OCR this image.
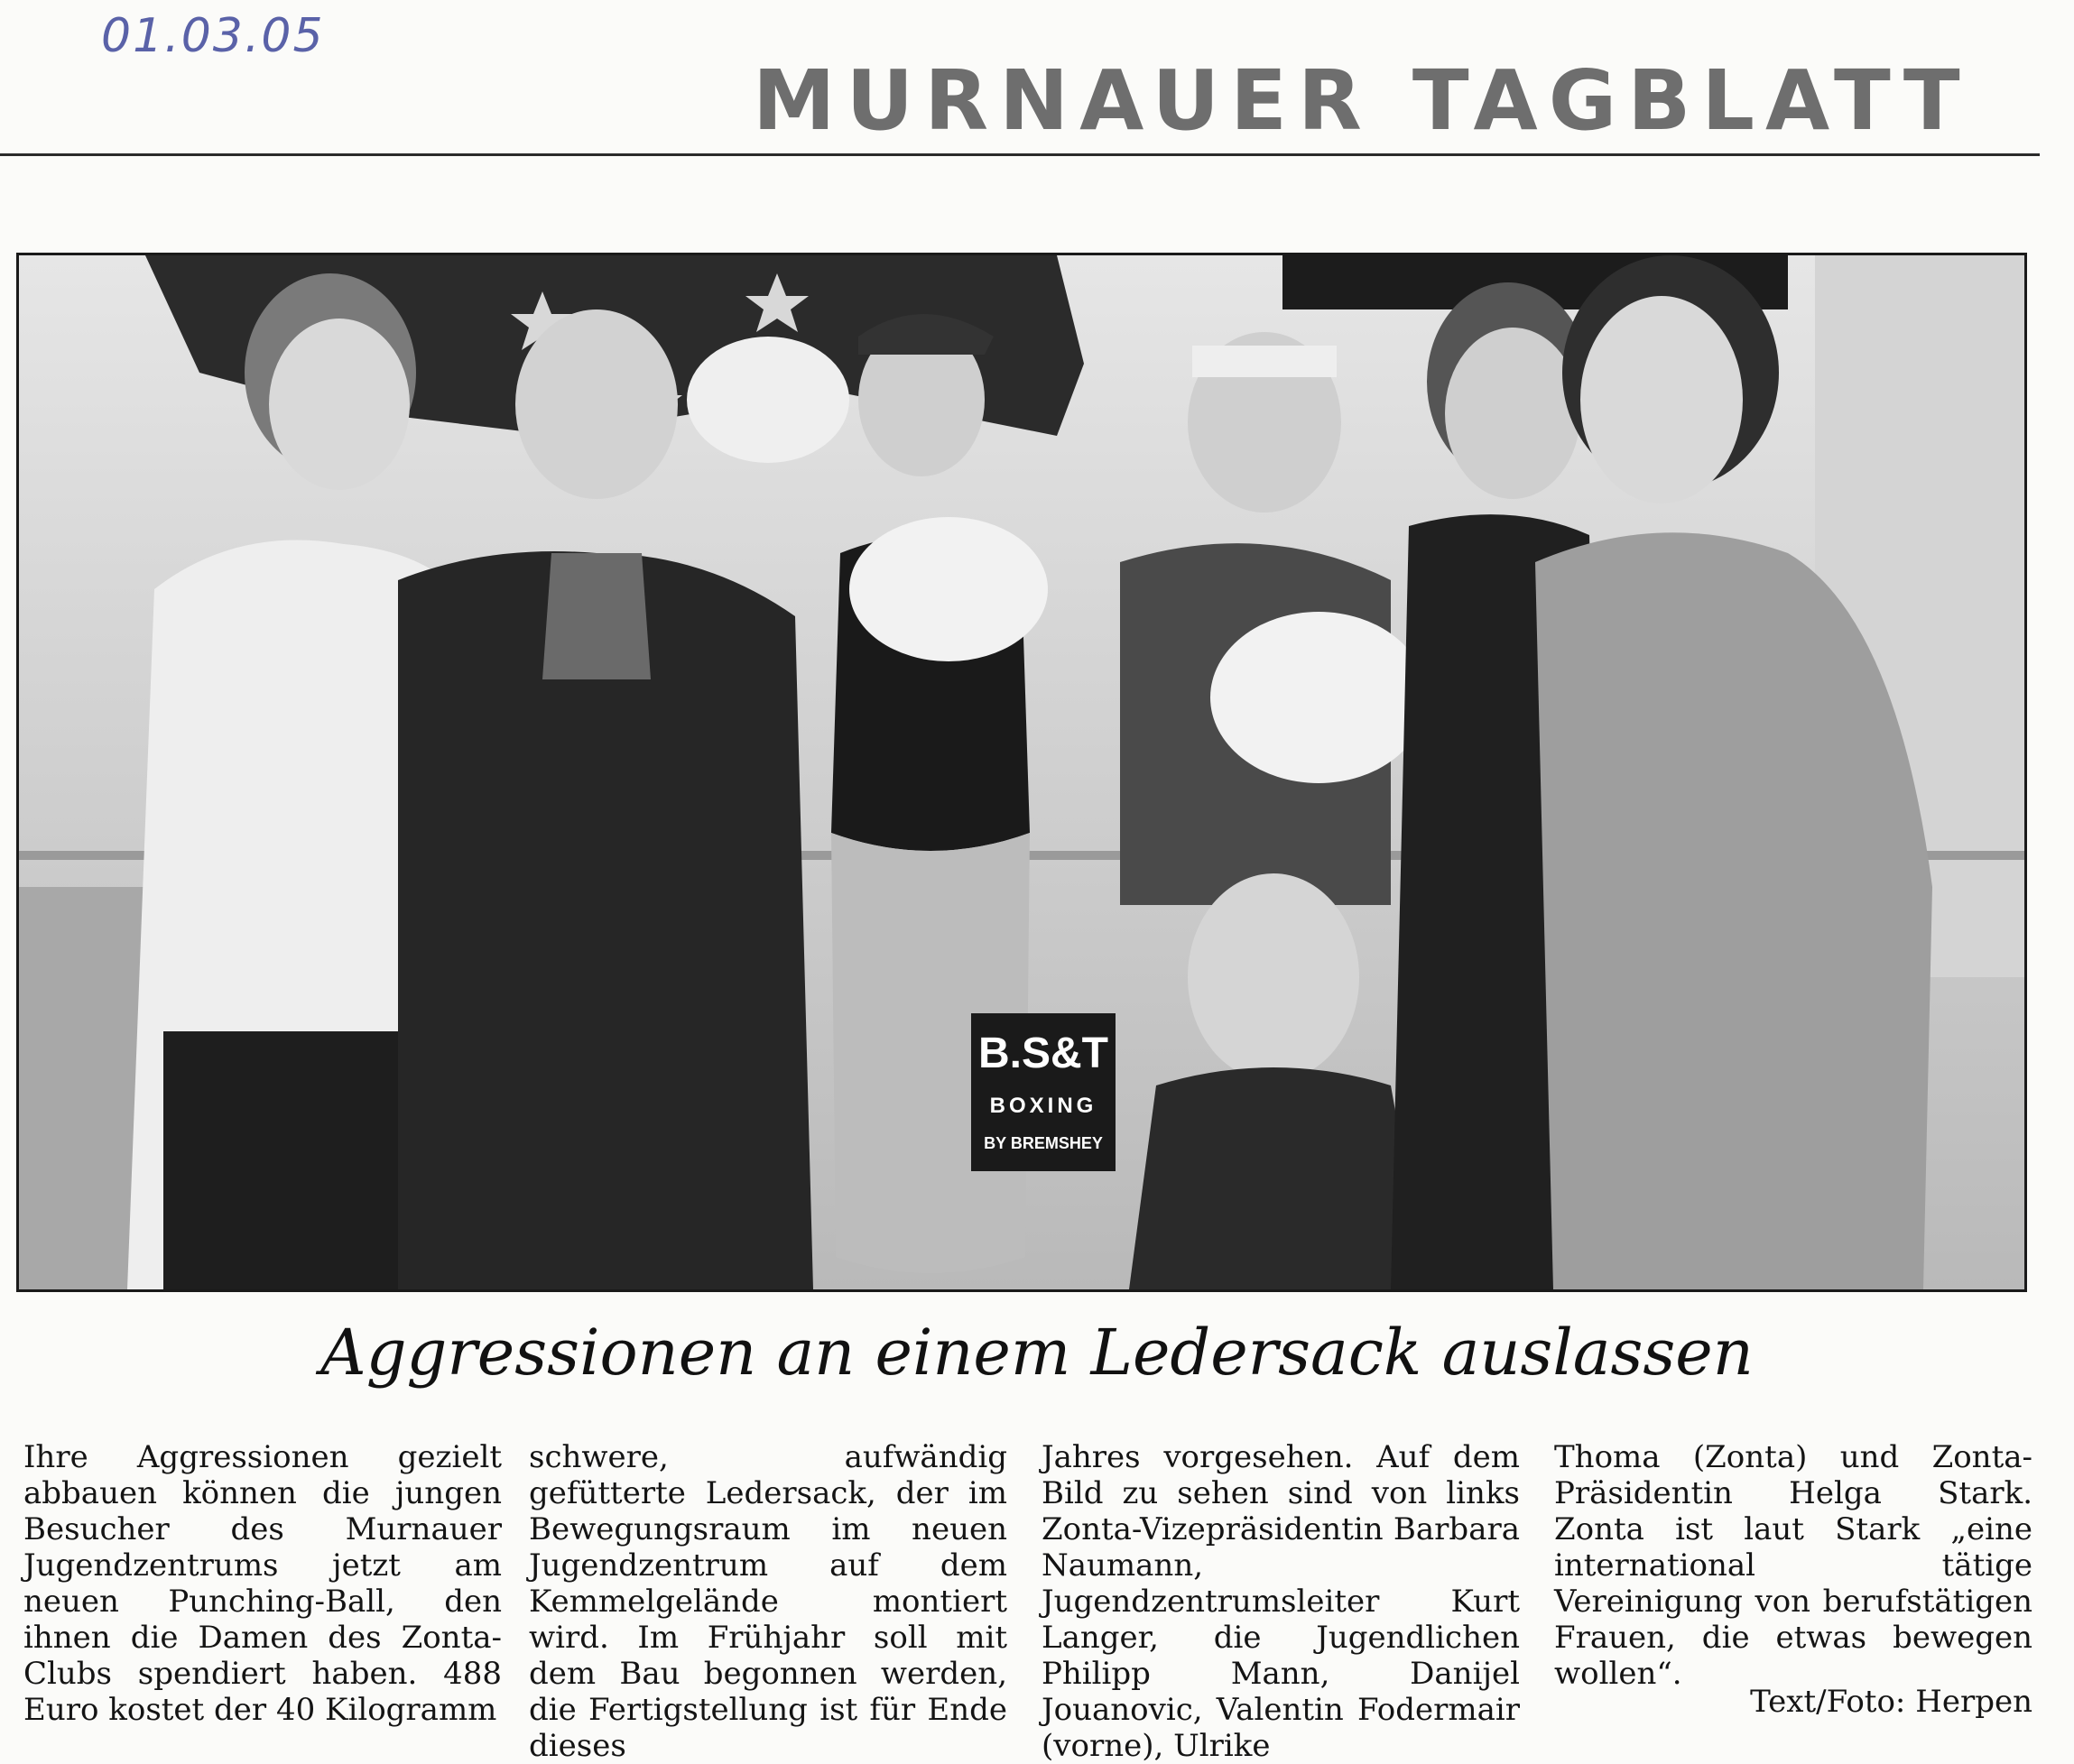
01.03.05
MURNAUER TAGBLATT
B.S&T
BOXING
BY BREMSHEY
Aggressionen an einem Ledersack auslassen
Ihre Aggressionen gezielt abbauen können die jungen Besucher des Murnauer Jugendzentrums jetzt am neuen Punching-Ball, den ihnen die Damen des Zonta-Clubs spendiert haben. 488 Euro kostet der 40 Kilogramm
schwere, aufwändig gefütterte Ledersack, der im Bewegungsraum im neuen Jugendzentrum auf dem Kemmelgelände montiert wird. Im Frühjahr soll mit dem Bau begonnen werden, die Fertigstellung ist für Ende dieses
Jahres vorgesehen. Auf dem Bild zu sehen sind von links Zonta-Vizepräsidentin Barbara Naumann, Jugendzentrumsleiter Kurt Langer, die Jugendlichen Philipp Mann, Danijel Jouanovic, Valentin Fodermair (vorne), Ulrike
Thoma (Zonta) und Zonta-Präsidentin Helga Stark. Zonta ist laut Stark „eine international tätige Vereinigung von berufstätigen Frauen, die etwas bewegen wollen“.
Text/Foto: Herpen
